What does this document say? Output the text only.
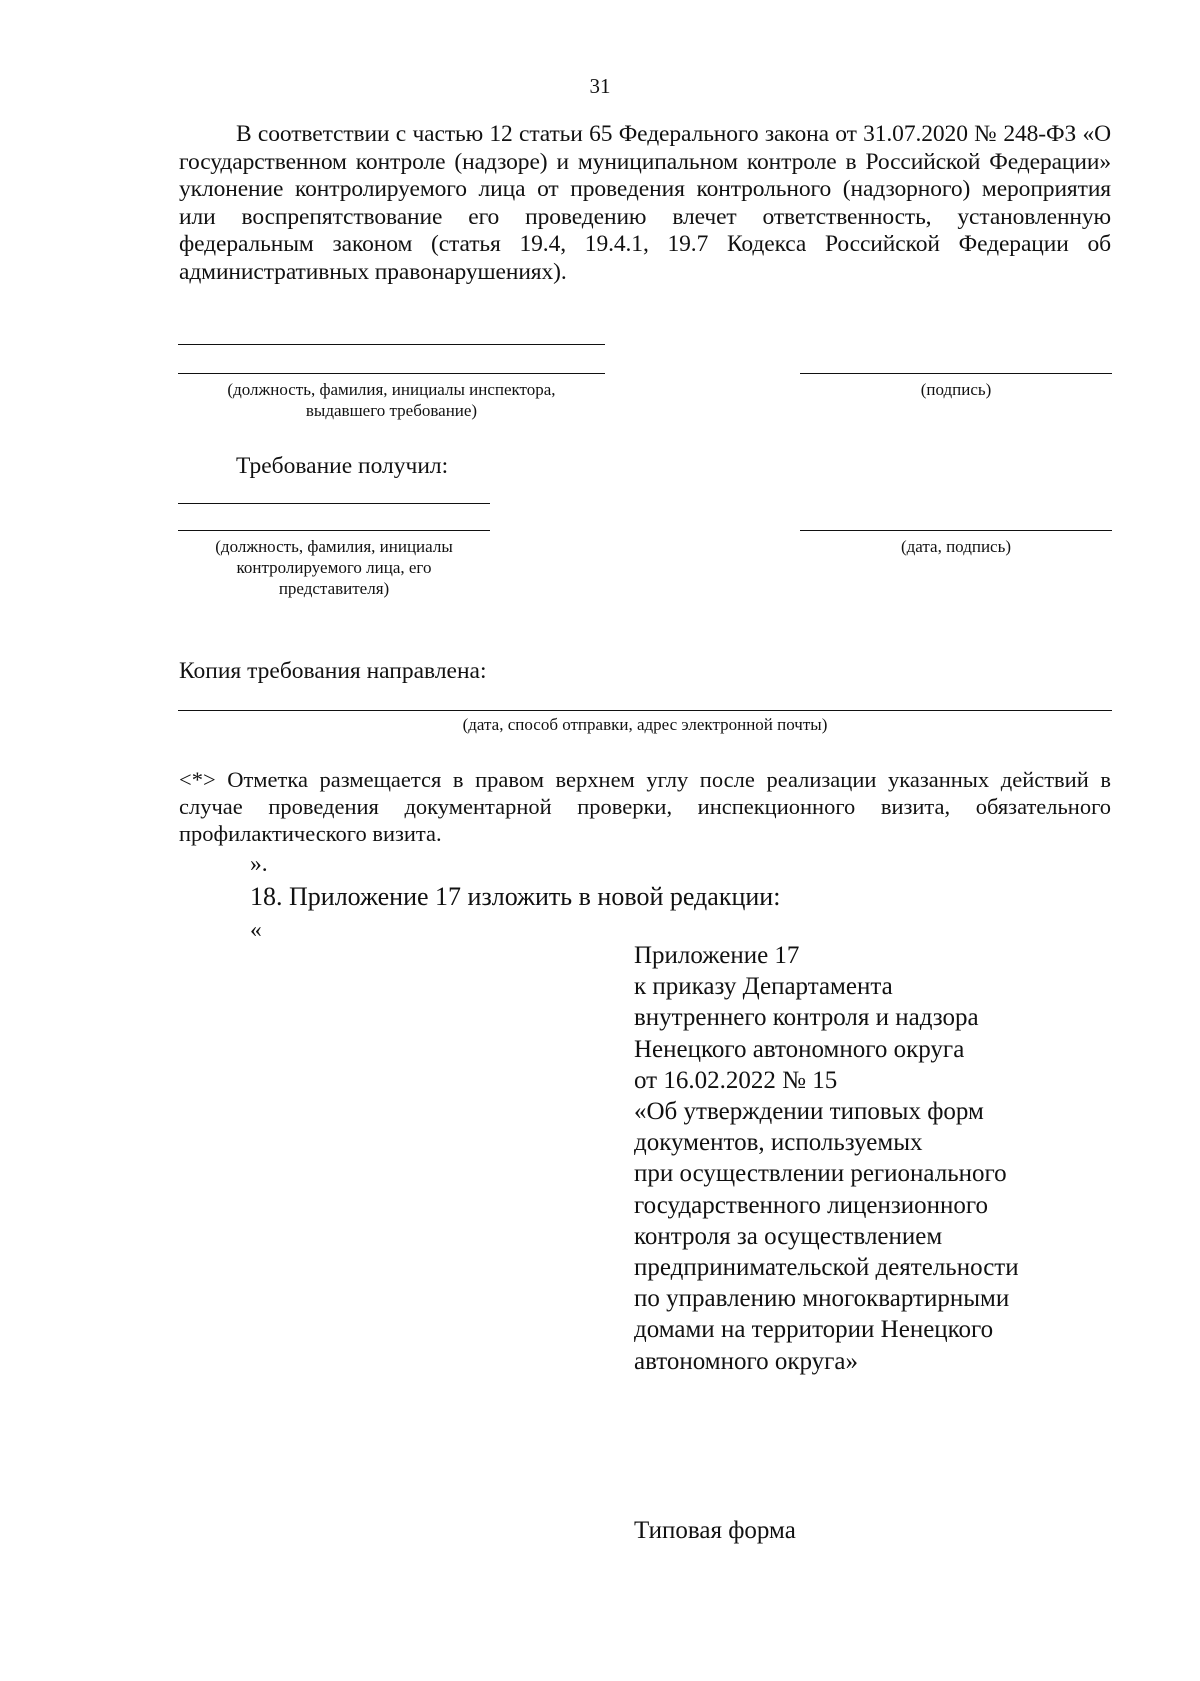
31
В соответствии с частью 12 статьи 65 Федерального закона от 31.07.2020 № 248-ФЗ «О государственном контроле (надзоре) и муниципальном контроле в Российской Федерации» уклонение контролируемого лица от проведения контрольного (надзорного) мероприятия или воспрепятствование его проведению влечет ответственность, установленную федеральным законом (статья 19.4, 19.4.1, 19.7 Кодекса Российской Федерации об административных правонарушениях).
(должность, фамилия, инициалы инспектора,
выдавшего требование)
(подпись)
Требование получил:
(должность, фамилия, инициалы
контролируемого лица, его
представителя)
(дата, подпись)
Копия требования направлена:
(дата, способ отправки, адрес электронной почты)
<*> Отметка размещается в правом верхнем углу после реализации указанных действий в случае проведения документарной проверки, инспекционного визита, обязательного профилактического визита.
».
18. Приложение 17 изложить в новой редакции:
«
Приложение 17
к приказу Департамента
внутреннего контроля и надзора
Ненецкого автономного округа
от 16.02.2022 № 15
«Об утверждении типовых форм
документов, используемых
при осуществлении регионального
государственного лицензионного
контроля за осуществлением
предпринимательской деятельности
по управлению многоквартирными
домами на территории Ненецкого
автономного округа»
Типовая форма
